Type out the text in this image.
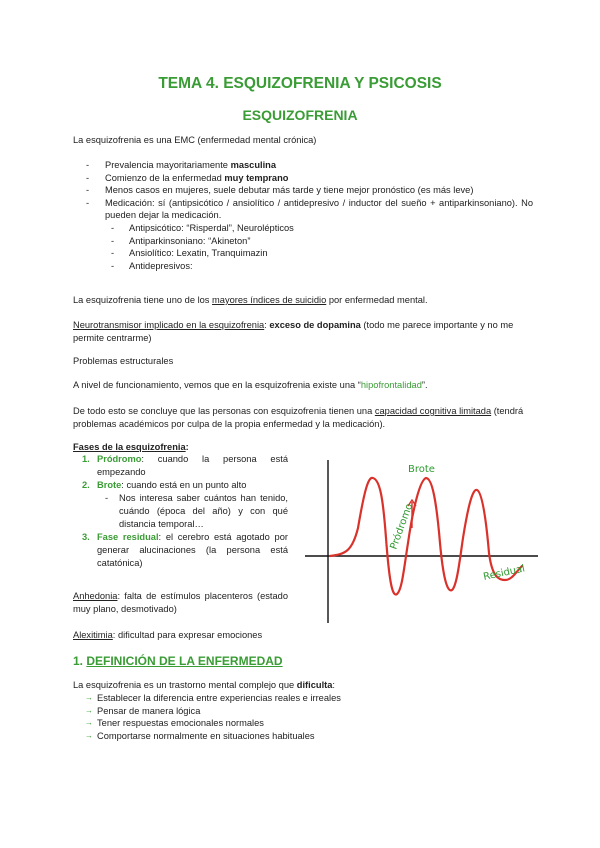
TEMA 4. ESQUIZOFRENIA Y PSICOSIS
ESQUIZOFRENIA

La esquizofrenia es una EMC (enfermedad mental crónica)

- Prevalencia mayoritariamente masculina
- Comienzo de la enfermedad muy temprano
- Menos casos en mujeres, suele debutar más tarde y tiene mejor pronóstico (es más leve)
- Medicación: sí (antipsicótico / ansiolítico / antidepresivo / inductor del sueño + antiparkinsoniano). No pueden dejar la medicación.
- Antipsicótico: “Risperdal”, Neurolépticos
- Antiparkinsoniano: “Akineton”
- Ansiolítico: Lexatin, Tranquimazin
- Antidepresivos:

La esquizofrenia tiene uno de los mayores índices de suicidio por enfermedad mental.

Neurotransmisor implicado en la esquizofrenia: exceso de dopamina (todo me parece importante y no me permite centrarme)

Problemas estructurales

A nivel de funcionamiento, vemos que en la esquizofrenia existe una “hipofrontalidad”.

De todo esto se concluye que las personas con esquizofrenia tienen una capacidad cognitiva limitada (tendrá problemas académicos por culpa de la propia enfermedad y la medicación).

Fases de la esquizofrenia:

1. Pródromo: cuando la persona está empezando
2. Brote: cuando está en un punto alto
- Nos interesa saber cuántos han tenido, cuándo (época del año) y con qué distancia temporal…
3. Fase residual: el cerebro está agotado por generar alucinaciones (la persona está catatónica)

Anhedonia: falta de estímulos placenteros (estado muy plano, desmotivado)

Alexitimia: dificultad para expresar emociones

1. DEFINICIÓN DE LA ENFERMEDAD

La esquizofrenia es un trastorno mental complejo que dificulta:

→ Establecer la diferencia entre experiencias reales e irreales
→ Pensar de manera lógica
→ Tener respuestas emocionales normales
→ Comportarse normalmente en situaciones habituales
Brote
Pródromo
Residual
